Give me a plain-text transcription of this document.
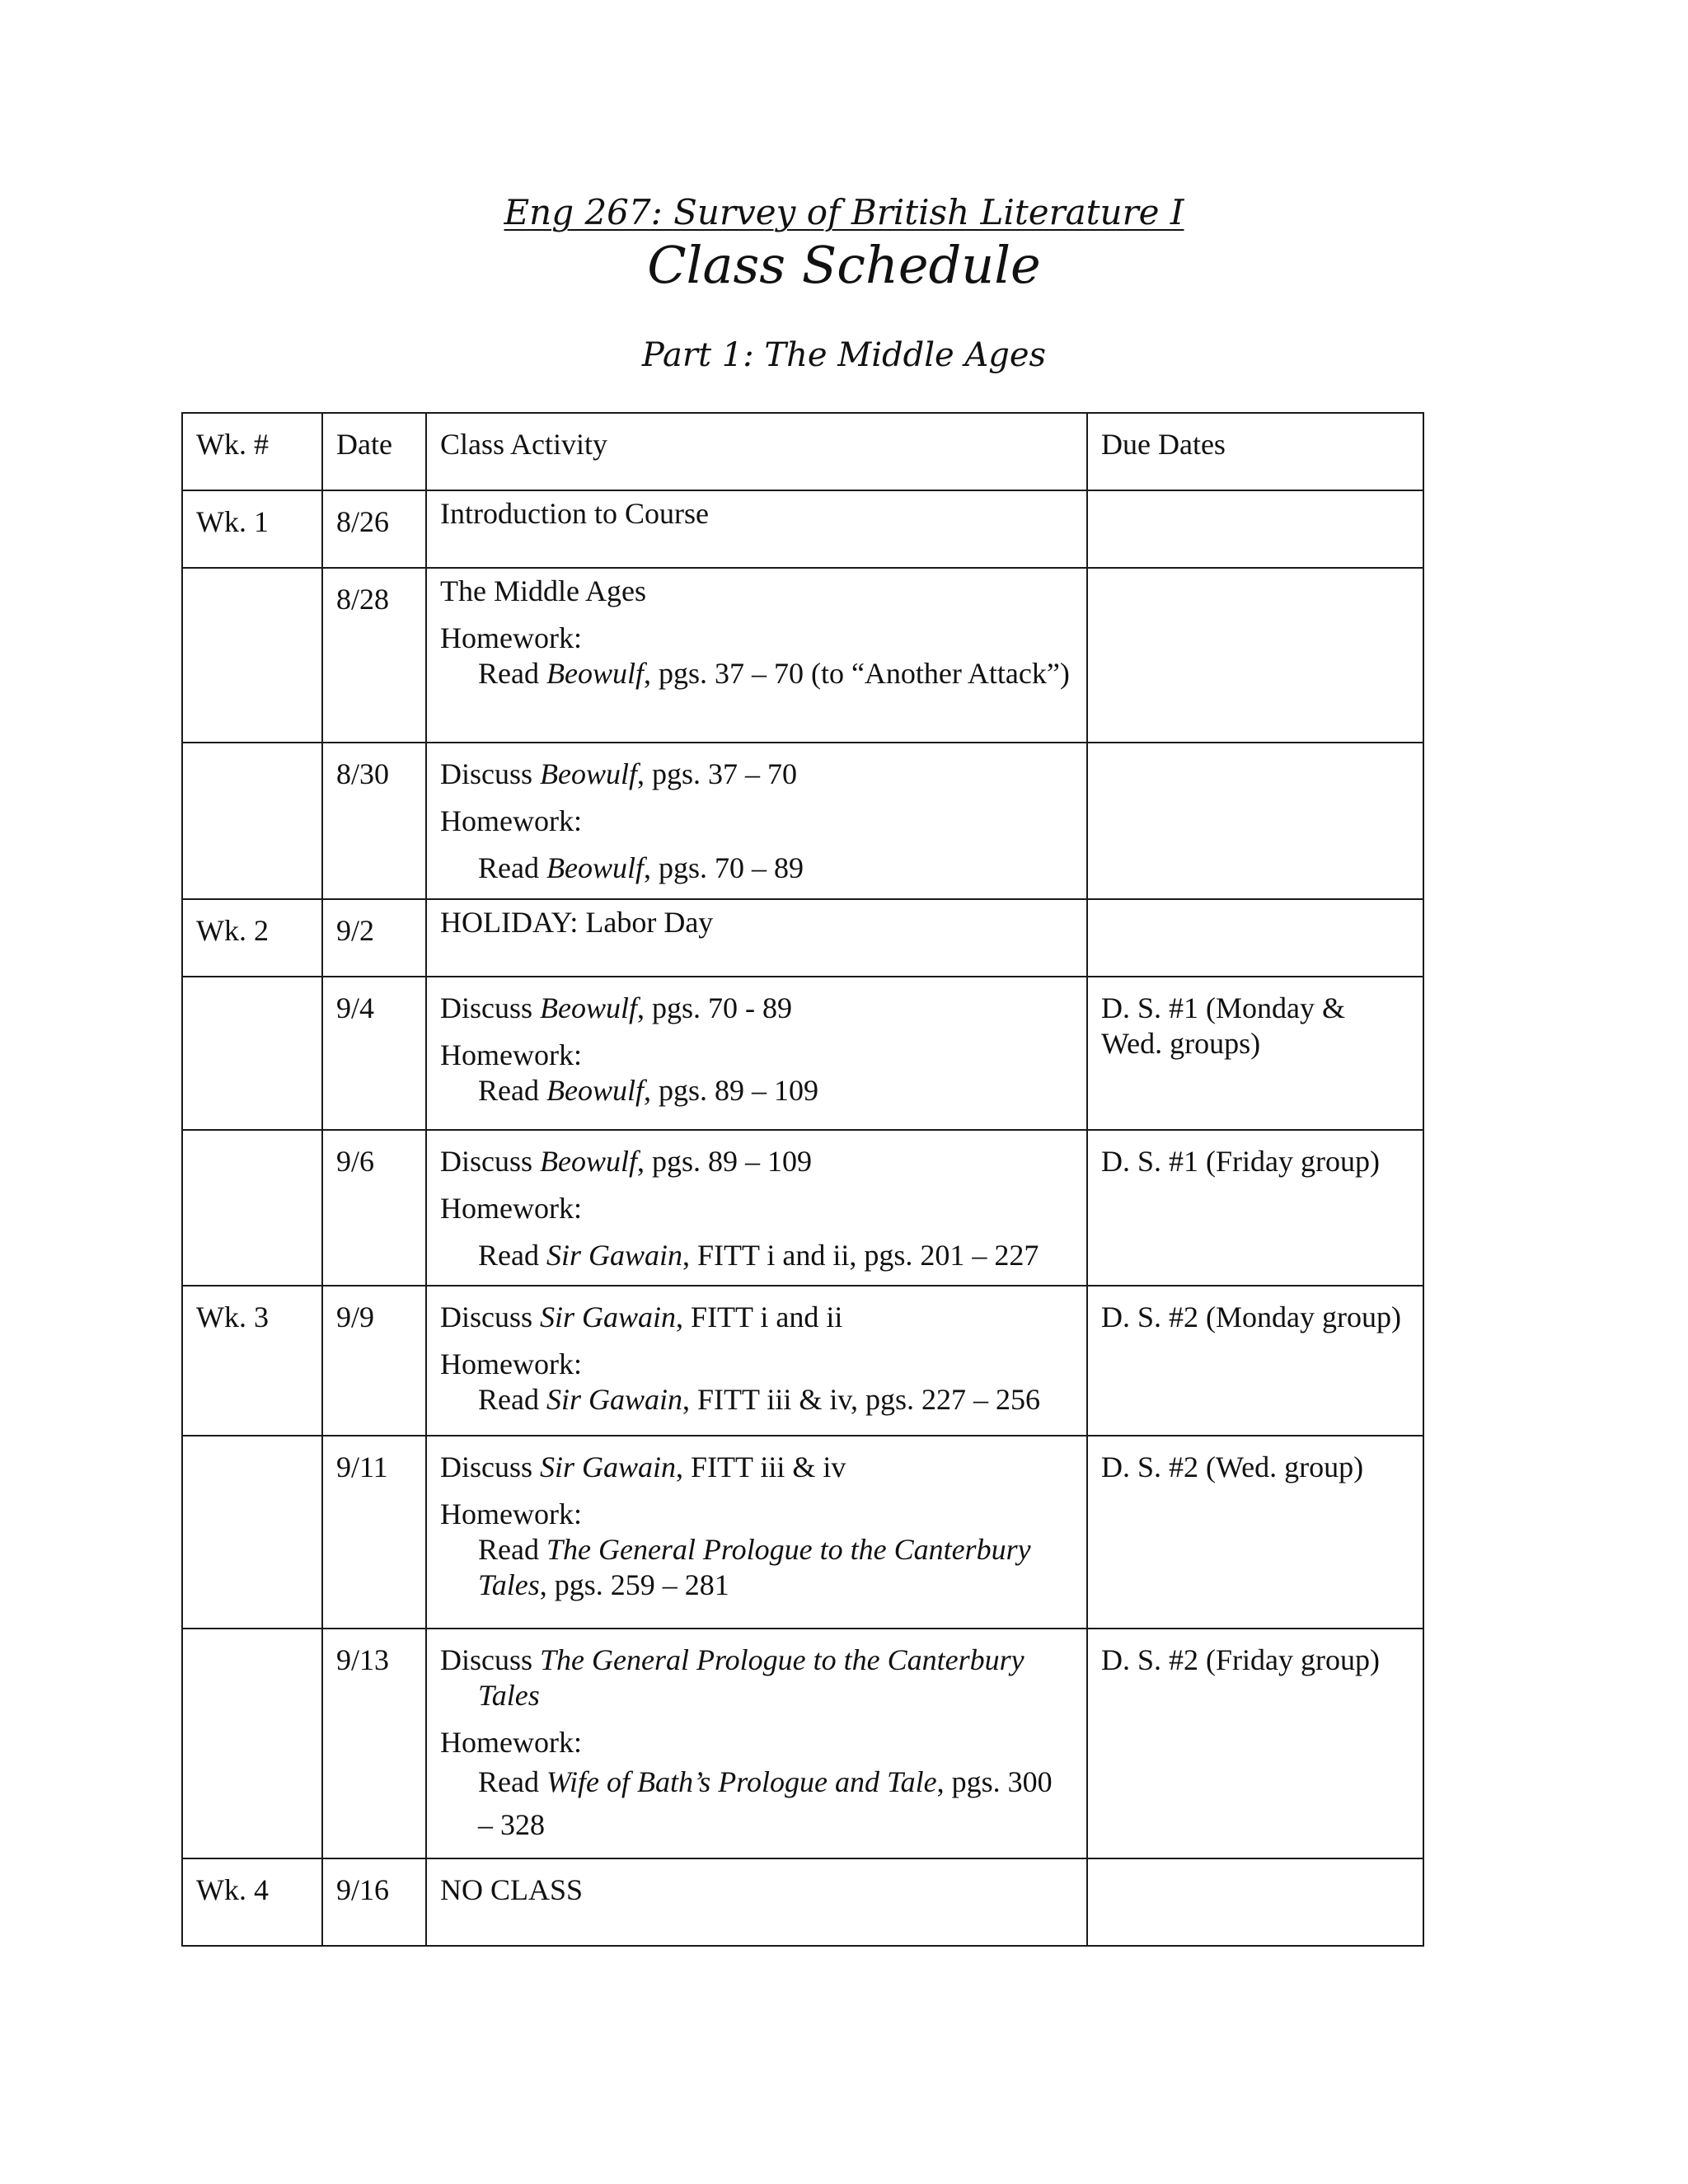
Eng 267: Survey of British Literature I
Class Schedule
Part 1: The Middle Ages
Wk. #	Date	Class Activity	Due Dates
Wk. 1	8/26	Introduction to Course	

	8/28	The Middle Ages
Homework:
Read Beowulf, pgs. 37 – 70 (to “Another Attack”)	

	8/30	Discuss Beowulf, pgs. 37 – 70
Homework:
Read Beowulf, pgs. 70 – 89	

Wk. 2	9/2	HOLIDAY: Labor Day	

	9/4	Discuss Beowulf, pgs. 70 - 89
Homework:
Read Beowulf, pgs. 89 – 109	D. S. #1 (Monday & Wed. groups)
	9/6	Discuss Beowulf, pgs. 89 – 109
Homework:
Read Sir Gawain, FITT i and ii, pgs. 201 – 227	D. S. #1 (Friday group)
Wk. 3	9/9	Discuss Sir Gawain, FITT i and ii
Homework:
Read Sir Gawain, FITT iii & iv, pgs. 227 – 256	D. S. #2 (Monday group)
	9/11	Discuss Sir Gawain, FITT iii & iv
Homework:
Read The General Prologue to the Canterbury Tales, pgs. 259 – 281	D. S. #2 (Wed. group)
	9/13	Discuss The General Prologue to the Canterbury Tales
Homework:
Read Wife of Bath’s Prologue and Tale, pgs. 300 – 328	D. S. #2 (Friday group)
Wk. 4	9/16	NO CLASS	
